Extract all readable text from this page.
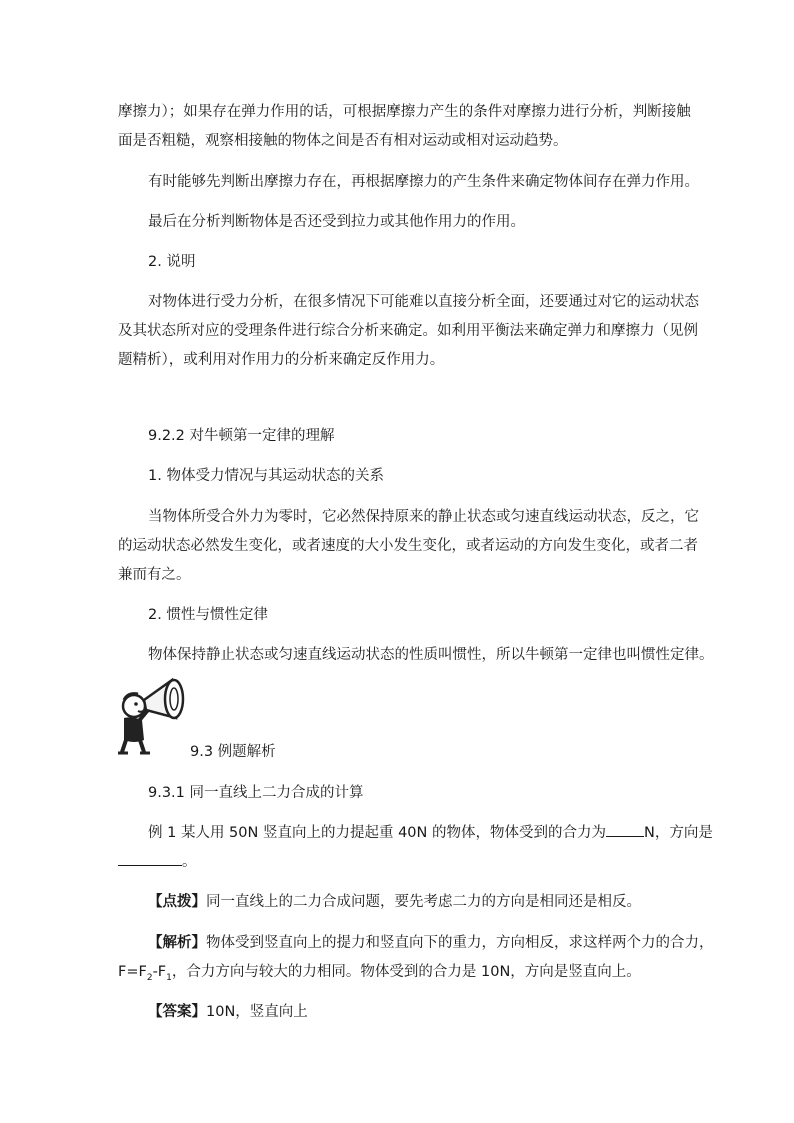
摩擦力）；如果存在弹力作用的话，可根据摩擦力产生的条件对摩擦力进行分析，判断接触
面是否粗糙，观察相接触的物体之间是否有相对运动或相对运动趋势。
有时能够先判断出摩擦力存在，再根据摩擦力的产生条件来确定物体间存在弹力作用。
最后在分析判断物体是否还受到拉力或其他作用力的作用。
2. 说明
对物体进行受力分析，在很多情况下可能难以直接分析全面，还要通过对它的运动状态
及其状态所对应的受理条件进行综合分析来确定。如利用平衡法来确定弹力和摩擦力（见例
题精析），或利用对作用力的分析来确定反作用力。
9.2.2 对牛顿第一定律的理解
1. 物体受力情况与其运动状态的关系
当物体所受合外力为零时，它必然保持原来的静止状态或匀速直线运动状态，反之，它
的运动状态必然发生变化，或者速度的大小发生变化，或者运动的方向发生变化，或者二者
兼而有之。
2. 惯性与惯性定律
物体保持静止状态或匀速直线运动状态的性质叫惯性，所以牛顿第一定律也叫惯性定律。
9.3 例题解析
9.3.1 同一直线上二力合成的计算
例 1 某人用 50N 竖直向上的力提起重 40N 的物体，物体受到的合力为	N，方向是
。
【点拨】同一直线上的二力合成问题，要先考虑二力的方向是相同还是相反。
【解析】物体受到竖直向上的提力和竖直向下的重力，方向相反，求这样两个力的合力，
$F=F_2-F_1$，合力方向与较大的力相同。物体受到的合力是 10N，方向是竖直向上。
【答案】10N，竖直向上
